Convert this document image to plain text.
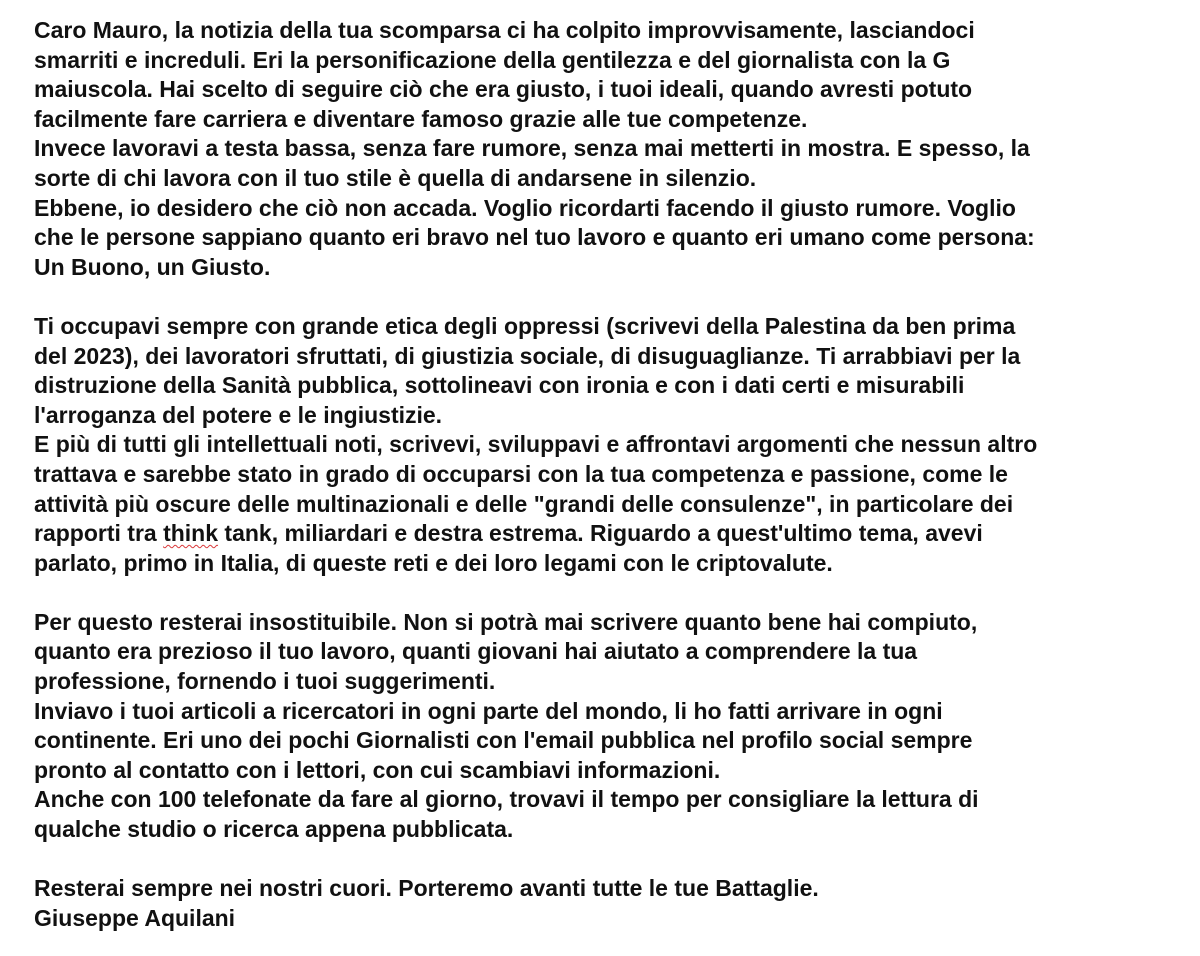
Caro Mauro, la notizia della tua scomparsa ci ha colpito improvvisamente, lasciandoci
smarriti e increduli. Eri la personificazione della gentilezza e del giornalista con la G
maiuscola. Hai scelto di seguire ciò che era giusto, i tuoi ideali, quando avresti potuto
facilmente fare carriera e diventare famoso grazie alle tue competenze.
Invece lavoravi a testa bassa, senza fare rumore, senza mai metterti in mostra. E spesso, la
sorte di chi lavora con il tuo stile è quella di andarsene in silenzio.
Ebbene, io desidero che ciò non accada. Voglio ricordarti facendo il giusto rumore. Voglio
che le persone sappiano quanto eri bravo nel tuo lavoro e quanto eri umano come persona:
Un Buono, un Giusto.
Ti occupavi sempre con grande etica degli oppressi (scrivevi della Palestina da ben prima
del 2023), dei lavoratori sfruttati, di giustizia sociale, di disuguaglianze. Ti arrabbiavi per la
distruzione della Sanità pubblica, sottolineavi con ironia e con i dati certi e misurabili
l'arroganza del potere e le ingiustizie.
E più di tutti gli intellettuali noti, scrivevi, sviluppavi e affrontavi argomenti che nessun altro
trattava e sarebbe stato in grado di occuparsi con la tua competenza e passione, come le
attività più oscure delle multinazionali e delle "grandi delle consulenze", in particolare dei
rapporti tra think tank, miliardari e destra estrema. Riguardo a quest'ultimo tema, avevi
parlato, primo in Italia, di queste reti e dei loro legami con le criptovalute.
Per questo resterai insostituibile. Non si potrà mai scrivere quanto bene hai compiuto,
quanto era prezioso il tuo lavoro, quanti giovani hai aiutato a comprendere la tua
professione, fornendo i tuoi suggerimenti.
Inviavo i tuoi articoli a ricercatori in ogni parte del mondo, li ho fatti arrivare in ogni
continente. Eri uno dei pochi Giornalisti con l'email pubblica nel profilo social sempre
pronto al contatto con i lettori, con cui scambiavi informazioni.
Anche con 100 telefonate da fare al giorno, trovavi il tempo per consigliare la lettura di
qualche studio o ricerca appena pubblicata.
Resterai sempre nei nostri cuori. Porteremo avanti tutte le tue Battaglie.
Giuseppe Aquilani
